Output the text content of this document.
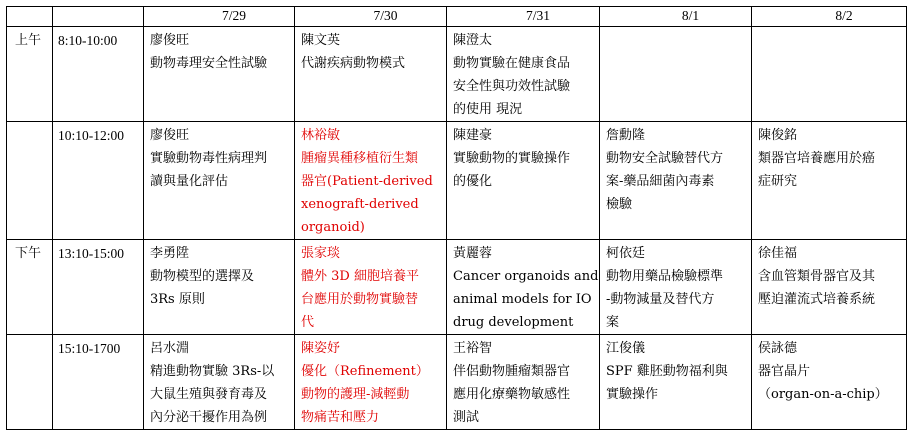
		7/29	7/30	7/31	8/1	8/2

上午	8:10-10:00	廖俊旺
動物毒理安全性試驗	陳文英
代謝疾病動物模式	陳澄太
動物實驗在健康食品
安全性與功效性試驗
的使用 現況		

	10:10-12:00	廖俊旺
實驗動物毒性病理判
讀與量化評估	林裕敏
腫瘤異種移植衍生類
器官(Patient-derived
xenograft-derived
organoid)	陳建豪
實驗動物的實驗操作
的優化	詹勳隆
動物安全試驗替代方
案-藥品細菌內毒素
檢驗	陳俊銘
類器官培養應用於癌
症研究

下午	13:10-15:00	李勇陞
動物模型的選擇及
3Rs 原則	張家琰
體外 3D 細胞培養平
台應用於動物實驗替
代	黃麗蓉
Cancer organoids and
animal models for IO
drug development	柯依廷
動物用藥品檢驗標準
-動物減量及替代方
案	徐佳福
含血管類骨器官及其
壓迫灌流式培養系統

	15:10-1700	呂水淵
精進動物實驗 3Rs-以
大鼠生殖與發育毒及
內分泌干擾作用為例	陳姿妤
優化（Refinement）
動物的護理-減輕動
物痛苦和壓力	王裕智
伴侶動物腫瘤類器官
應用化療藥物敏感性
測試	江俊儀
SPF 雞胚動物福利與
實驗操作	侯詠德
器官晶片
（organ-on-a-chip）
